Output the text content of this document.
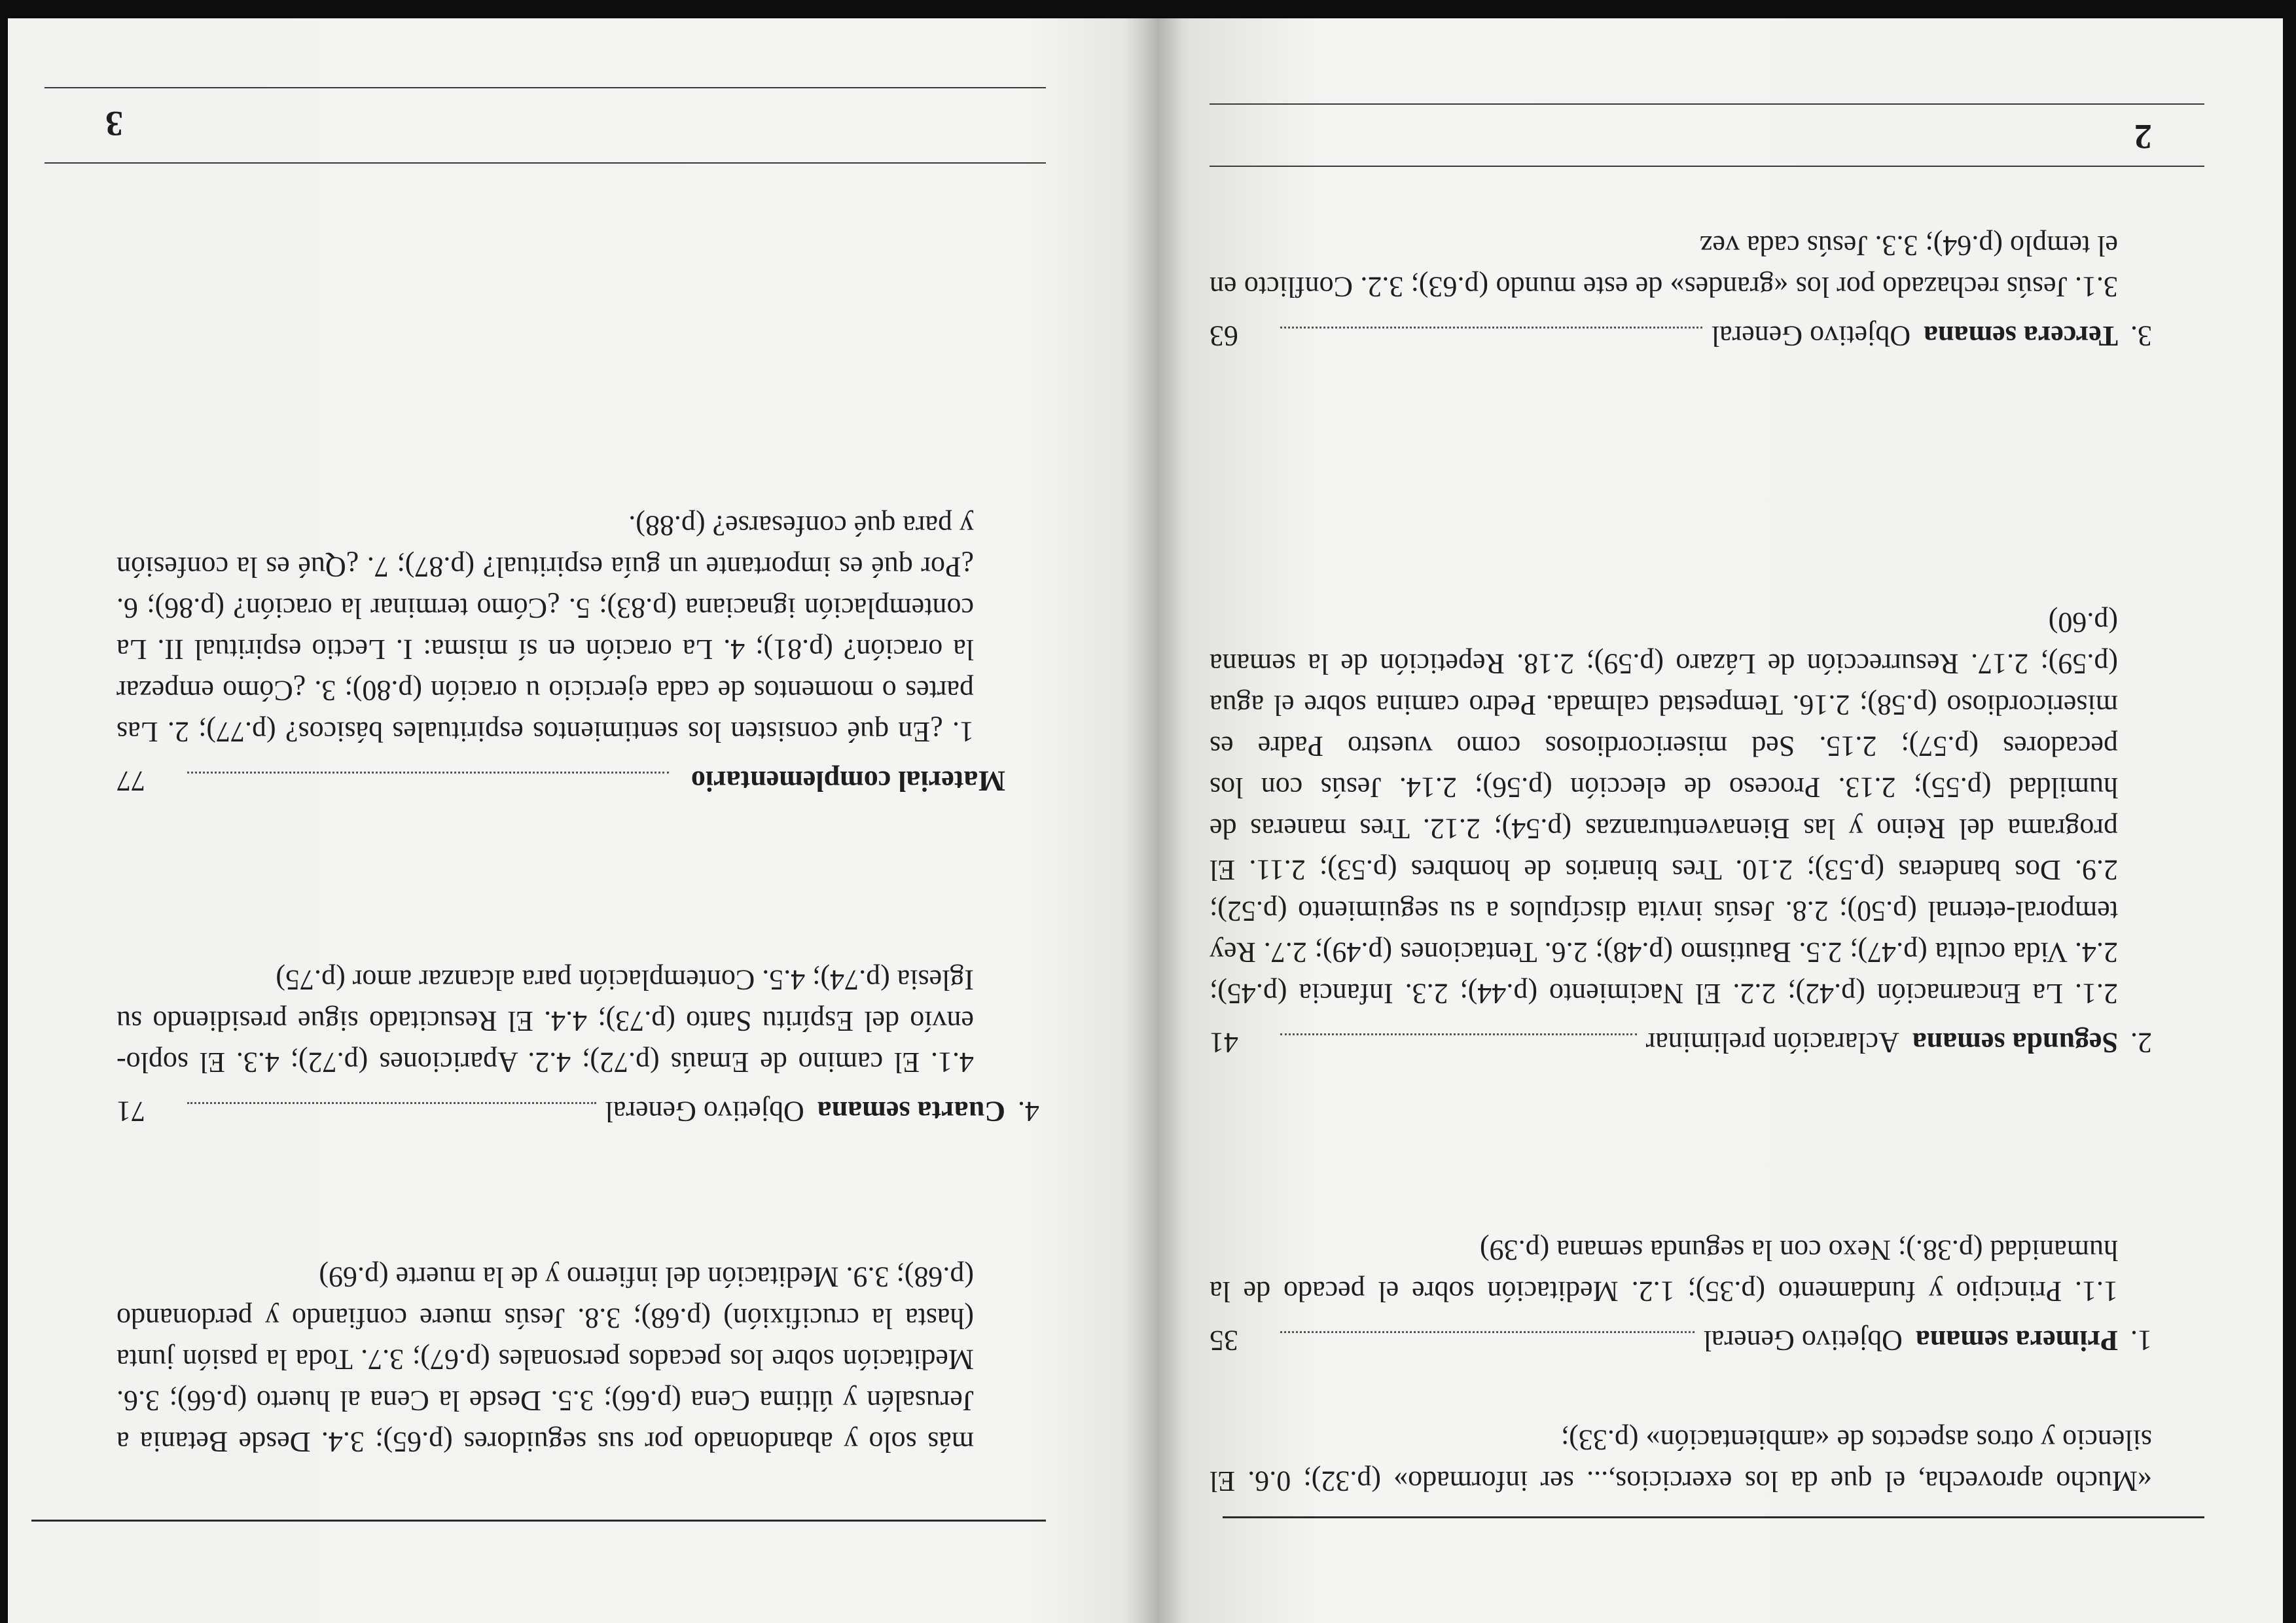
«Mucho aprovecha, el que da los exercicios,... ser informado» (p.32); 0.6. El silencio y otros aspectos de «ambientación» (p.33);

1.
Primera semana
Objetivo General
35

1.1. Principio y fundamento (p.35); 1.2. Meditación sobre el pecado de la humanidad (p.38.); Nexo con la segunda semana (p.39)

2.
Segunda semana
Aclaración preliminar
41

2.1. La Encarnación (p.42); 2.2. El Nacimiento (p.44); 2.3. Infancia (p.45); 2.4. Vida oculta (p.47); 2.5. Bautismo (p.48); 2.6. Tentaciones (p.49); 2.7. Rey temporal-eternal (p.50); 2.8. Jesús invita discípulos a su seguimiento (p.52); 2.9. Dos banderas (p.53); 2.10. Tres binarios de hombres (p.53); 2.11. El programa del Reino y las Bienaventuranzas (p.54); 2.12. Tres maneras de humildad (p.55); 2.13. Proceso de elección (p.56); 2.14. Jesús con los pecadores (p.57); 2.15. Sed misericordiosos como vuestro Padre es misericordioso (p.58); 2.16. Tempestad calmada. Pedro camina sobre el agua (p.59); 2.17. Resurrección de Lázaro (p.59); 2.18. Repetición de la semana (p.60)

3.
Tercera semana
Objetivo General
63

3.1. Jesús rechazado por los «grandes» de este mundo (p.63); 3.2. Conflicto en el templo (p.64); 3.3. Jesús cada vez

2

más solo y abandonado por sus seguidores (p.65); 3.4. Desde Betania a Jerusalén y última Cena (p.66); 3.5. Desde la Cena al huerto (p.66); 3.6. Meditación sobre los pecados personales (p.67); 3.7. Toda la pasión junta (hasta la crucifixión) (p.68); 3.8. Jesús muere confiando y perdonando (p.68); 3.9. Meditación del infierno y de la muerte (p.69)

4.
Cuarta semana
Objetivo General
71

4.1. El camino de Emaús (p.72); 4.2. Apariciones (p.72); 4.3. El soplo-envío del Espíritu Santo (p.73); 4.4. El Resucitado sigue presidiendo su Iglesia (p.74); 4.5. Contemplación para alcanzar amor (p.75)

Material complementario
77

1. ¿En qué consisten los sentimientos espirituales básicos? (p.77); 2. Las partes o momentos de cada ejercicio u oración (p.80); 3. ¿Cómo empezar la oración? (p.81); 4. La oración en sí misma: I. Lectio espiritual II. La contemplación ignaciana (p.83); 5. ¿Cómo terminar la oración? (p.86); 6. ¿Por qué es importante un guía espiritual? (p.87); 7. ¿Qué es la confesión y para qué confesarse? (p.88).

3
